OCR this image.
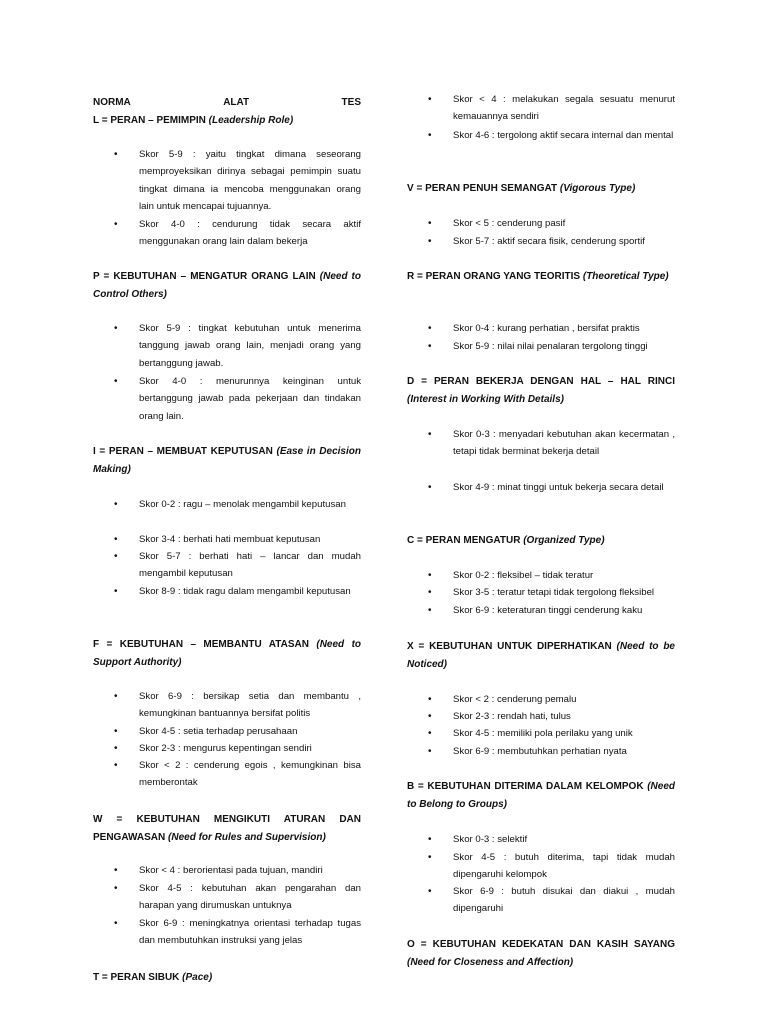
NORMA	ALAT	TES

L = PERAN – PEMIMPIN (Leadership Role)

• Skor 5-9 : yaitu tingkat dimana seseorang memproyeksikan dirinya sebagai pemimpin suatu tingkat dimana ia mencoba menggunakan orang lain untuk mencapai tujuannya.
• Skor 4-0 : cendurung tidak secara aktif menggunakan orang lain dalam bekerja

P = KEBUTUHAN – MENGATUR ORANG LAIN (Need to Control Others)

• Skor 5-9 : tingkat kebutuhan untuk menerima tanggung jawab orang lain, menjadi orang yang bertanggung jawab.
• Skor 4-0 : menurunnya keinginan untuk bertanggung jawab pada pekerjaan dan tindakan orang lain.

I = PERAN – MEMBUAT KEPUTUSAN (Ease in Decision Making)

• Skor 0-2 : ragu – menolak mengambil keputusan
• Skor 3-4 : berhati hati membuat keputusan
• Skor 5-7 : berhati hati – lancar dan mudah mengambil keputusan
• Skor 8-9 : tidak ragu dalam mengambil keputusan

F = KEBUTUHAN – MEMBANTU ATASAN (Need to Support Authority)

• Skor 6-9 : bersikap setia dan membantu , kemungkinan bantuannya bersifat politis
• Skor 4-5 : setia terhadap perusahaan
• Skor 2-3 : mengurus kepentingan sendiri
• Skor < 2 : cenderung egois , kemungkinan bisa memberontak

W = KEBUTUHAN MENGIKUTI ATURAN DAN PENGAWASAN (Need for Rules and Supervision)

• Skor < 4 : berorientasi pada tujuan, mandiri
• Skor 4-5 : kebutuhan akan pengarahan dan harapan yang dirumuskan untuknya
• Skor 6-9 : meningkatnya orientasi terhadap tugas dan membutuhkan instruksi yang jelas

T = PERAN SIBUK (Pace)

• Skor < 4 : melakukan segala sesuatu menurut kemauannya sendiri
• Skor 4-6 : tergolong aktif secara internal dan mental

V = PERAN PENUH SEMANGAT (Vigorous Type)

• Skor < 5 : cenderung pasif
• Skor 5-7 : aktif secara fisik, cenderung sportif

R = PERAN ORANG YANG TEORITIS (Theoretical Type)

• Skor 0-4 : kurang perhatian , bersifat praktis
• Skor 5-9 : nilai nilai penalaran tergolong tinggi

D = PERAN BEKERJA DENGAN HAL – HAL RINCI (Interest in Working With Details)

• Skor 0-3 : menyadari kebutuhan akan kecermatan , tetapi tidak berminat bekerja detail
• Skor 4-9 : minat tinggi untuk bekerja secara detail

C = PERAN MENGATUR (Organized Type)

• Skor 0-2 : fleksibel – tidak teratur
• Skor 3-5 : teratur tetapi tidak tergolong fleksibel
• Skor 6-9 : keteraturan tinggi cenderung kaku

X = KEBUTUHAN UNTUK DIPERHATIKAN (Need to be Noticed)

• Skor < 2 : cenderung pemalu
• Skor 2-3 : rendah hati, tulus
• Skor 4-5 : memiliki pola perilaku yang unik
• Skor 6-9 : membutuhkan perhatian nyata

B = KEBUTUHAN DITERIMA DALAM KELOMPOK (Need to Belong to Groups)

• Skor 0-3 : selektif
• Skor 4-5 : butuh diterima, tapi tidak mudah dipengaruhi kelompok
• Skor 6-9 : butuh disukai dan diakui , mudah dipengaruhi

O = KEBUTUHAN KEDEKATAN DAN KASIH SAYANG (Need for Closeness and Affection)
